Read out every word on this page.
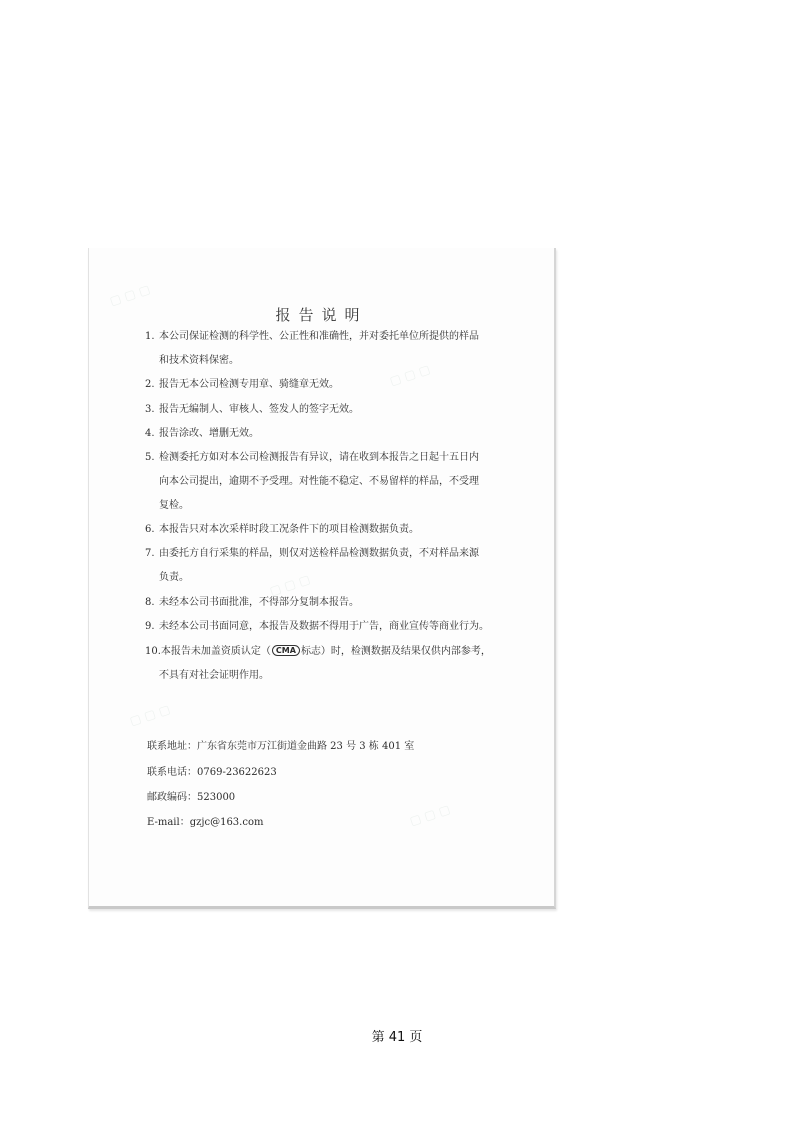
▢ ▢ ▢
▢ ▢ ▢
▢ ▢ ▢
▢ ▢ ▢
▢ ▢ ▢
报告说明
1. 本公司保证检测的科学性、公正性和准确性，并对委托单位所提供的样品
和技术资料保密。
2. 报告无本公司检测专用章、骑缝章无效。
3. 报告无编制人、审核人、签发人的签字无效。
4. 报告涂改、增删无效。
5. 检测委托方如对本公司检测报告有异议，请在收到本报告之日起十五日内
向本公司提出，逾期不予受理。对性能不稳定、不易留样的样品，不受理
复检。
6. 本报告只对本次采样时段工况条件下的项目检测数据负责。
7. 由委托方自行采集的样品，则仅对送检样品检测数据负责，不对样品来源
负责。
8. 未经本公司书面批准，不得部分复制本报告。
9. 未经本公司书面同意，本报告及数据不得用于广告，商业宣传等商业行为。
10.本报告未加盖资质认定（ CMA 标志）时，检测数据及结果仅供内部参考，
不具有对社会证明作用。
联系地址：广东省东莞市万江街道金曲路 23 号 3 栋 401 室
联系电话：0769-23622623
邮政编码：523000
E-mail：gzjc@163.com
第 41 页
